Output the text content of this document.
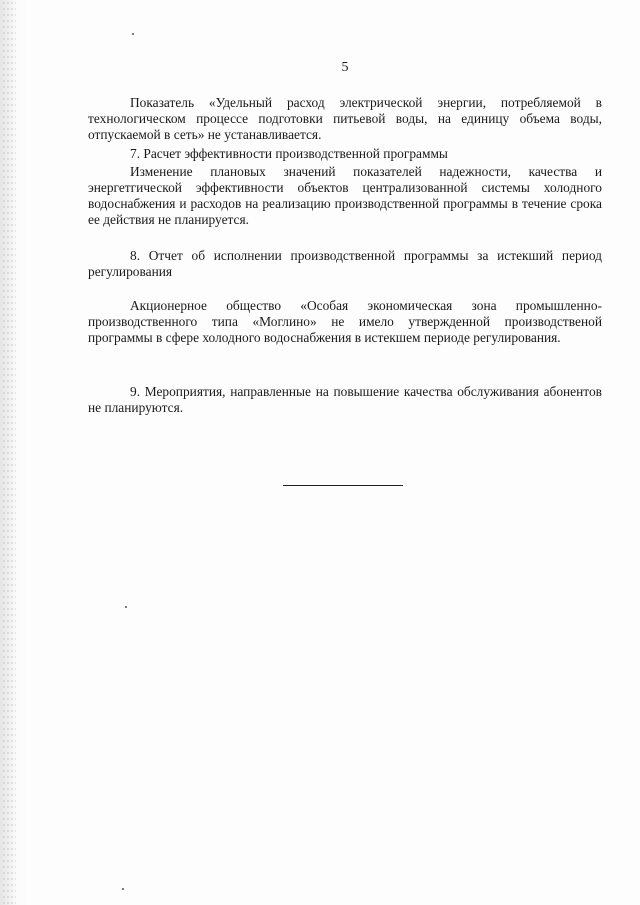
5

Показатель «Удельный расход электрической энергии, потребляемой в технологическом процессе подготовки питьевой воды, на единицу объема воды, отпускаемой в сеть» не устанавливается.

7. Расчет эффективности производственной программы

Изменение плановых значений показателей надежности, качества и энергетгической эффективности объектов централизованной системы холодного водоснабжения и расходов на реализацию производственной программы в течение срока ее действия не планируется.

8. Отчет об исполнении производственной программы за истекший период регулирования

Акционерное общество «Особая экономическая зона промышленно-производственного типа «Моглино» не имело утвержденной производственой программы в сфере холодного водоснабжения в истекшем периоде регулирования.

9. Мероприятия, направленные на повышение качества обслуживания абонентов не планируются.
